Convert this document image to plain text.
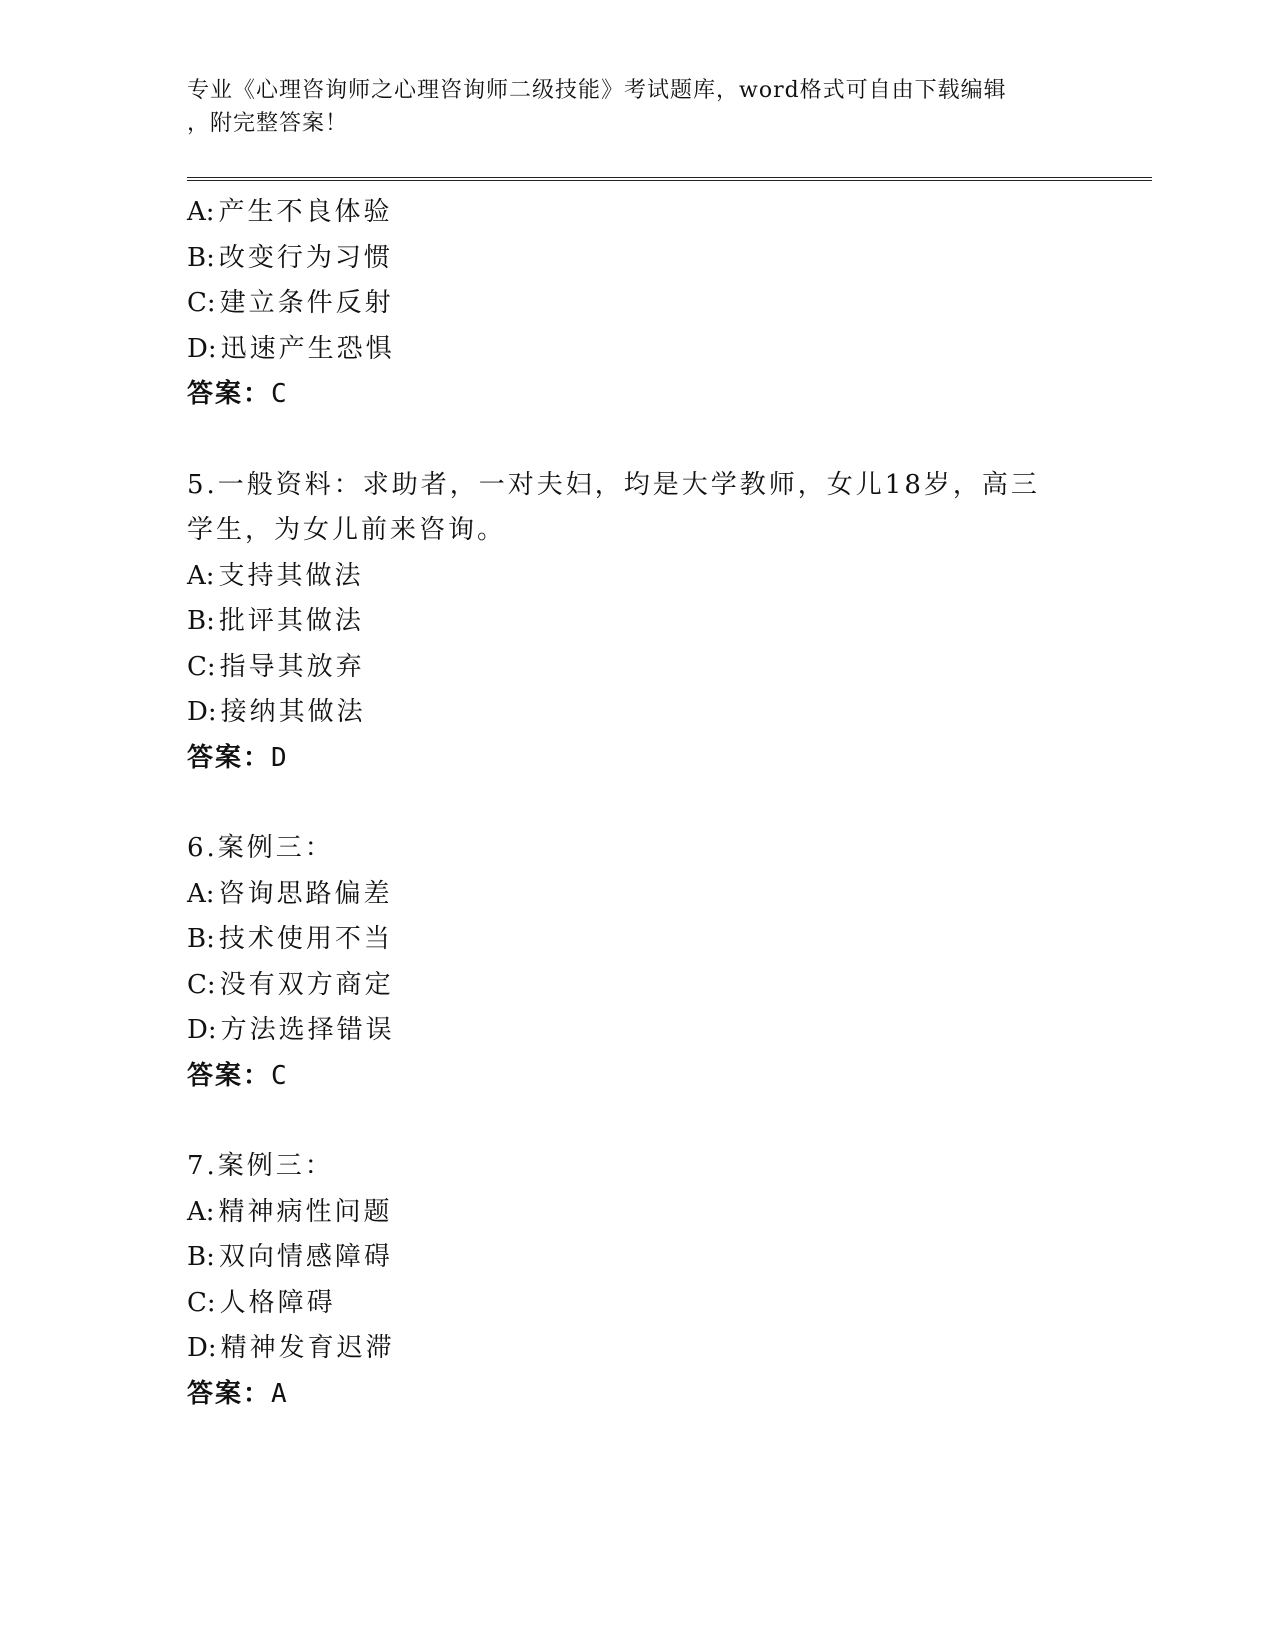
专业《心理咨询师之心理咨询师二级技能》考试题库，word格式可自由下载编辑
，附完整答案！
A: 产生不良体验
B: 改变行为习惯
C: 建立条件反射
D: 迅速产生恐惧
答案：C
5.一般资料：求助者，一对夫妇，均是大学教师，女儿18岁，高三学生，为女儿前来咨询。
A: 支持其做法
B: 批评其做法
C: 指导其放弃
D: 接纳其做法
答案：D
6.案例三：
A: 咨询思路偏差
B: 技术使用不当
C: 没有双方商定
D: 方法选择错误
答案：C
7.案例三：
A: 精神病性问题
B: 双向情感障碍
C: 人格障碍
D: 精神发育迟滞
答案：A
